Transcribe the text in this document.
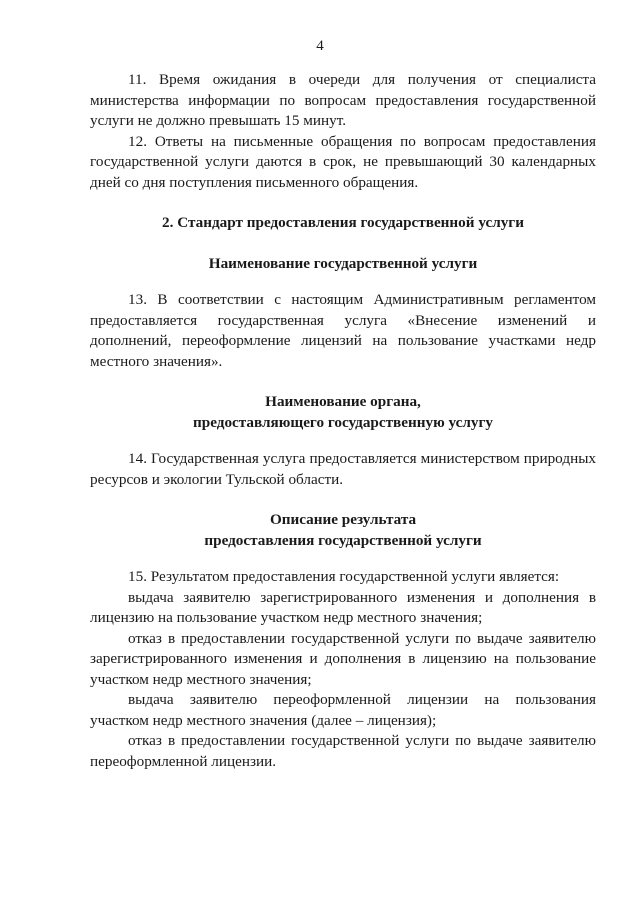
4

11. Время ожидания в очереди для получения от специалиста министерства информации по вопросам предоставления государственной услуги не должно превышать 15 минут.

12. Ответы на письменные обращения по вопросам предоставления государственной услуги даются в срок, не превышающий 30 календарных дней со дня поступления письменного обращения.

2. Стандарт предоставления государственной услуги

Наименование государственной услуги

13. В соответствии с настоящим Административным регламентом предоставляется государственная услуга «Внесение изменений и дополнений, переоформление лицензий на пользование участками недр местного значения».

Наименование органа,

предоставляющего государственную услугу

14. Государственная услуга предоставляется министерством природных ресурсов и экологии Тульской области.

Описание результата

предоставления государственной услуги

15. Результатом предоставления государственной услуги является:

выдача заявителю зарегистрированного изменения и дополнения в лицензию на пользование участком недр местного значения;

отказ в предоставлении государственной услуги по выдаче заявителю зарегистрированного изменения и дополнения в лицензию на пользование участком недр местного значения;

выдача заявителю переоформленной лицензии на пользования участком недр местного значения (далее – лицензия);

отказ в предоставлении государственной услуги по выдаче заявителю переоформленной лицензии.
